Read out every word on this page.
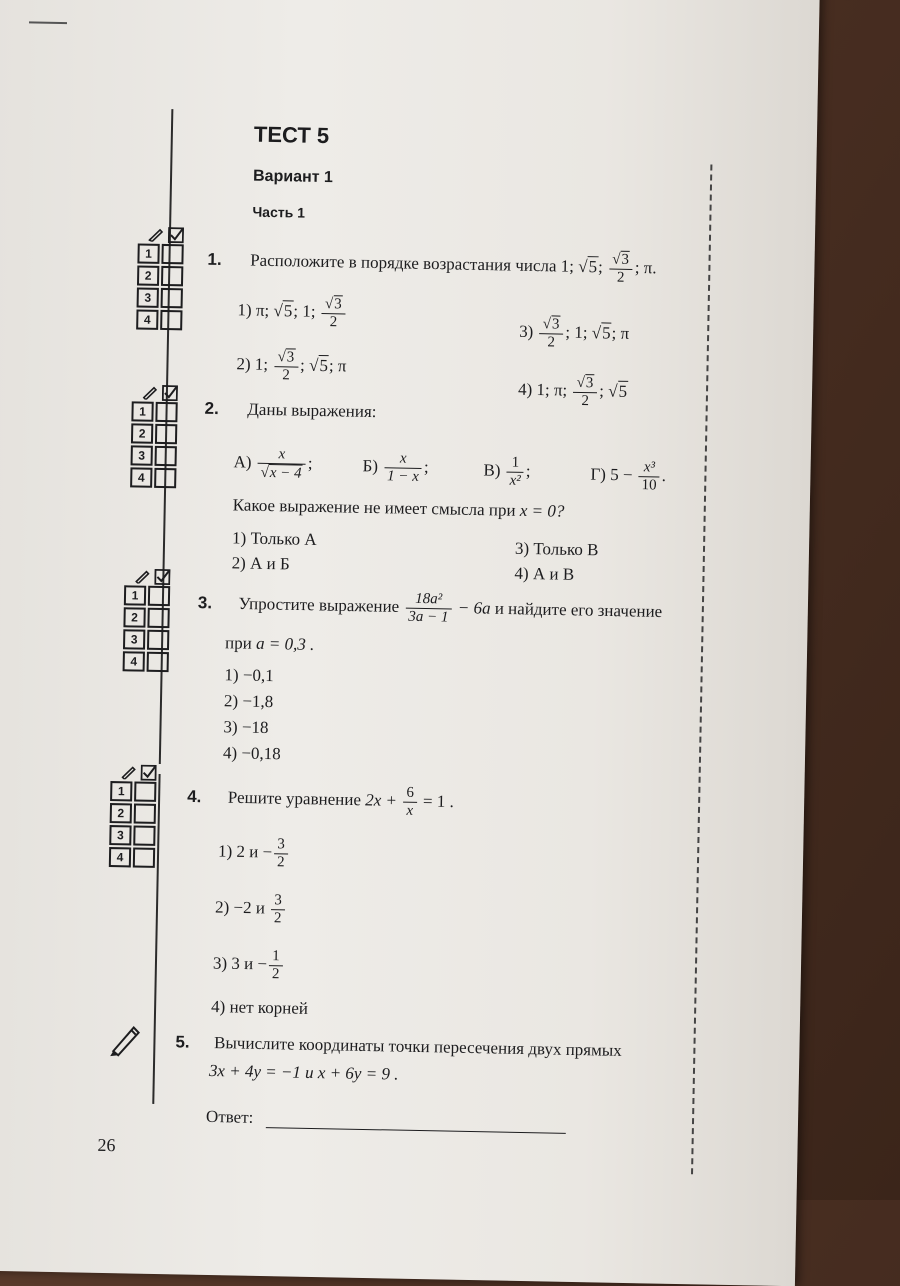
ТЕСТ 5
Вариант 1
Часть 1
1
2
3
4
1. Расположите в порядке возрастания числа 1; √5; $\frac{√3}{2}$ ; π.
1) π; √5; 1; $\frac{√3}{2}$
2) 1; $\frac{√3}{2}$ ; √5; π
$3) \frac{√3}{2}$ ; 1; √5; π
4) 1; π; $\frac{√3}{2}$ ; √5
1
2
3
4
2. Даны выражения:
$А) \frac{x}{√x - 4}$ ;	$Б) \frac{x}{1 - x}$ ;	$В) \frac{1}{\text{x²}}$ ;	Г) $5 - \frac{\text{x³}}{10}$ .
Какое выражение не имеет смысла при x = 0?
1) Только А
2) А и Б
3) Только В
4) А и В
1
2
3
4
3. Упростите выражение $\frac{\text{18a²}}{3a - 1} - 6a$ и найдите его значение
при a = 0,3 .
1) −0,1
2) −1,8
3) −18
4) −0,18
1
2
3
4
4. Решите уравнение $2x + \frac{6}{x} = 1$ .
1) 2 $и - \frac{3}{2}$
2) −2 и $\frac{3}{2}$
3) 3 $и - \frac{1}{2}$
4) нет корней
5. Вычислите координаты точки пересечения двух прямых
3x + 4y = −1 и x + 6y = 9 .
Ответ:
26
